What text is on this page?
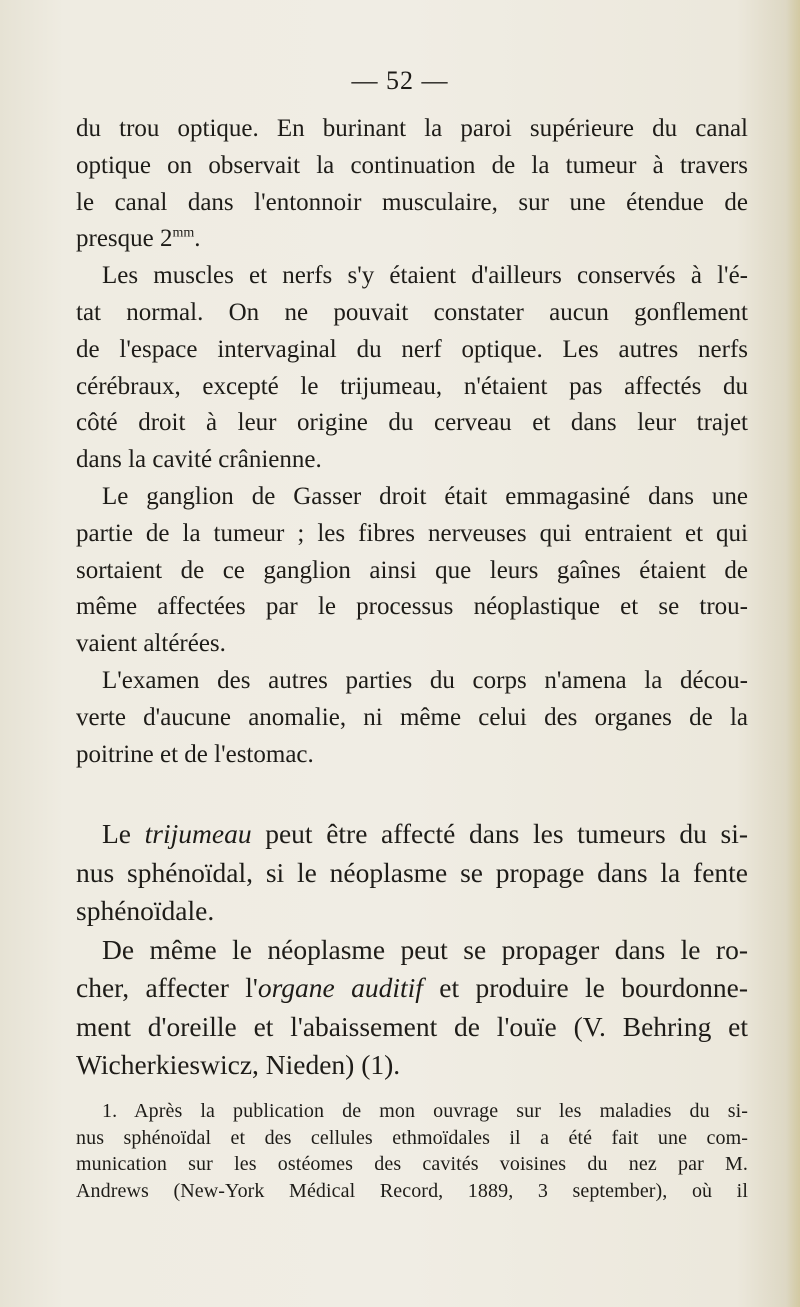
— 52 —
du trou optique. En burinant la paroi supérieure du canal
optique on observait la continuation de la tumeur à travers
le canal dans l'entonnoir musculaire, sur une étendue de
presque $2^{mm}$.
Les muscles et nerfs s'y étaient d'ailleurs conservés à l'é-
tat normal. On ne pouvait constater aucun gonflement
de l'espace intervaginal du nerf optique. Les autres nerfs
cérébraux, excepté le trijumeau, n'étaient pas affectés du
côté droit à leur origine du cerveau et dans leur trajet
dans la cavité crânienne.
Le ganglion de Gasser droit était emmagasiné dans une
partie de la tumeur ; les fibres nerveuses qui entraient et qui
sortaient de ce ganglion ainsi que leurs gaînes étaient de
même affectées par le processus néoplastique et se trou-
vaient altérées.
L'examen des autres parties du corps n'amena la décou-
verte d'aucune anomalie, ni même celui des organes de la
poitrine et de l'estomac.
Le trijumeau peut être affecté dans les tumeurs du si-
nus sphénoïdal, si le néoplasme se propage dans la fente
sphénoïdale.
De même le néoplasme peut se propager dans le ro-
cher, affecter l'organe auditif et produire le bourdonne-
ment d'oreille et l'abaissement de l'ouïe (V. Behring et
Wicherkieswicz, Nieden) (1).
1. Après la publication de mon ouvrage sur les maladies du si-
nus sphénoïdal et des cellules ethmoïdales il a été fait une com-
munication sur les ostéomes des cavités voisines du nez par M.
Andrews (New-York Médical Record, 1889, 3 september), où il
